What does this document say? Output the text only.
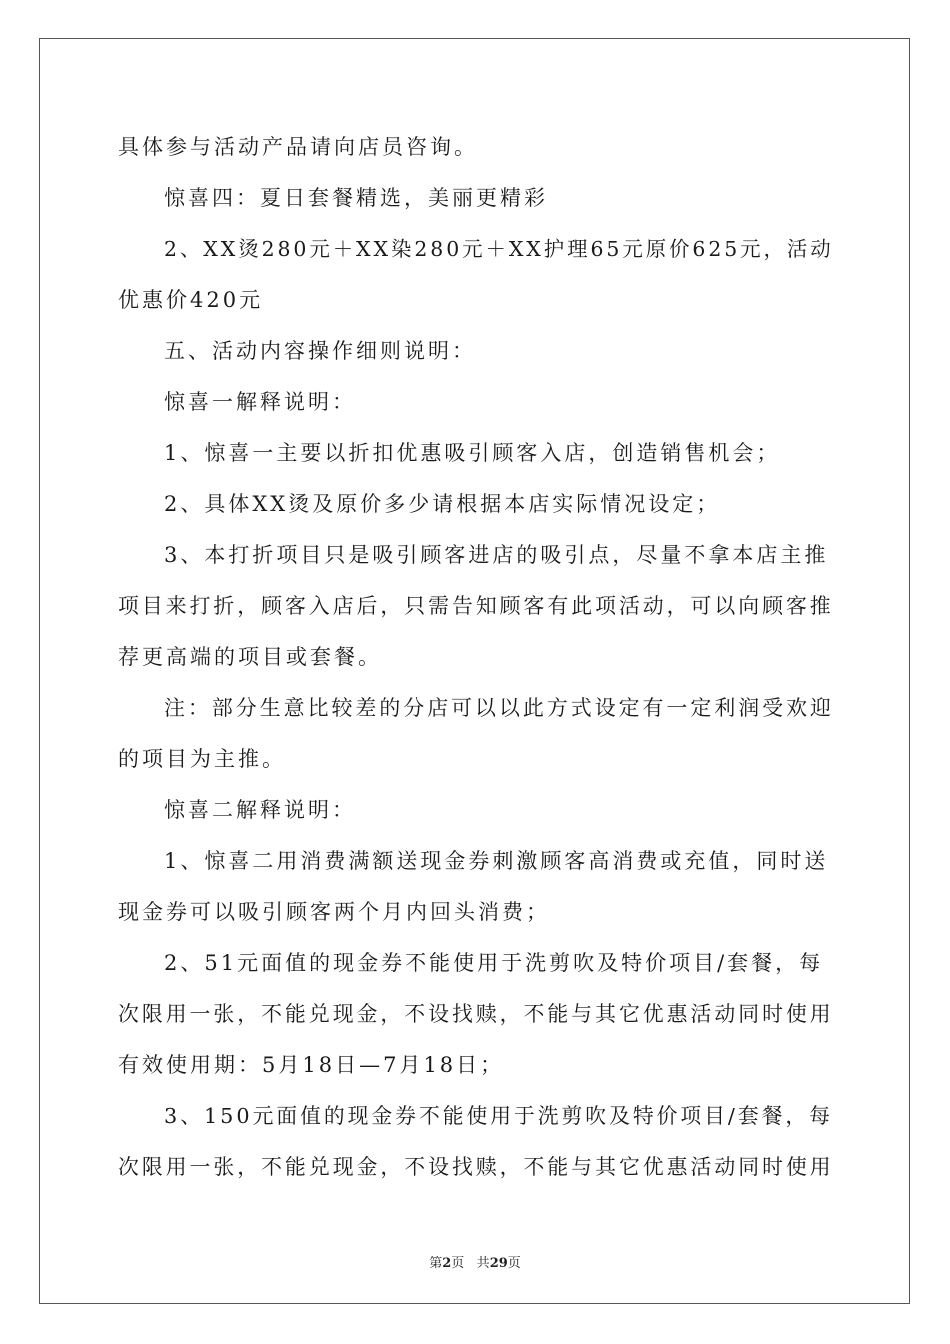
具体参与活动产品请向店员咨询。
惊喜四：夏日套餐精选，美丽更精彩
2、XX烫280元＋XX染280元＋XX护理65元原价625元，活动
优惠价420元
五、活动内容操作细则说明：
惊喜一解释说明：
1、惊喜一主要以折扣优惠吸引顾客入店，创造销售机会；
2、具体XX烫及原价多少请根据本店实际情况设定；
3、本打折项目只是吸引顾客进店的吸引点，尽量不拿本店主推
项目来打折，顾客入店后，只需告知顾客有此项活动，可以向顾客推
荐更高端的项目或套餐。
注：部分生意比较差的分店可以以此方式设定有一定利润受欢迎
的项目为主推。
惊喜二解释说明：
1、惊喜二用消费满额送现金券刺激顾客高消费或充值，同时送
现金券可以吸引顾客两个月内回头消费；
2、51元面值的现金券不能使用于洗剪吹及特价项目/套餐，每
次限用一张，不能兑现金，不设找赎，不能与其它优惠活动同时使用
有效使用期：5月18日—7月18日；
3、150元面值的现金券不能使用于洗剪吹及特价项目/套餐，每
次限用一张，不能兑现金，不设找赎，不能与其它优惠活动同时使用
第2页 共29页
